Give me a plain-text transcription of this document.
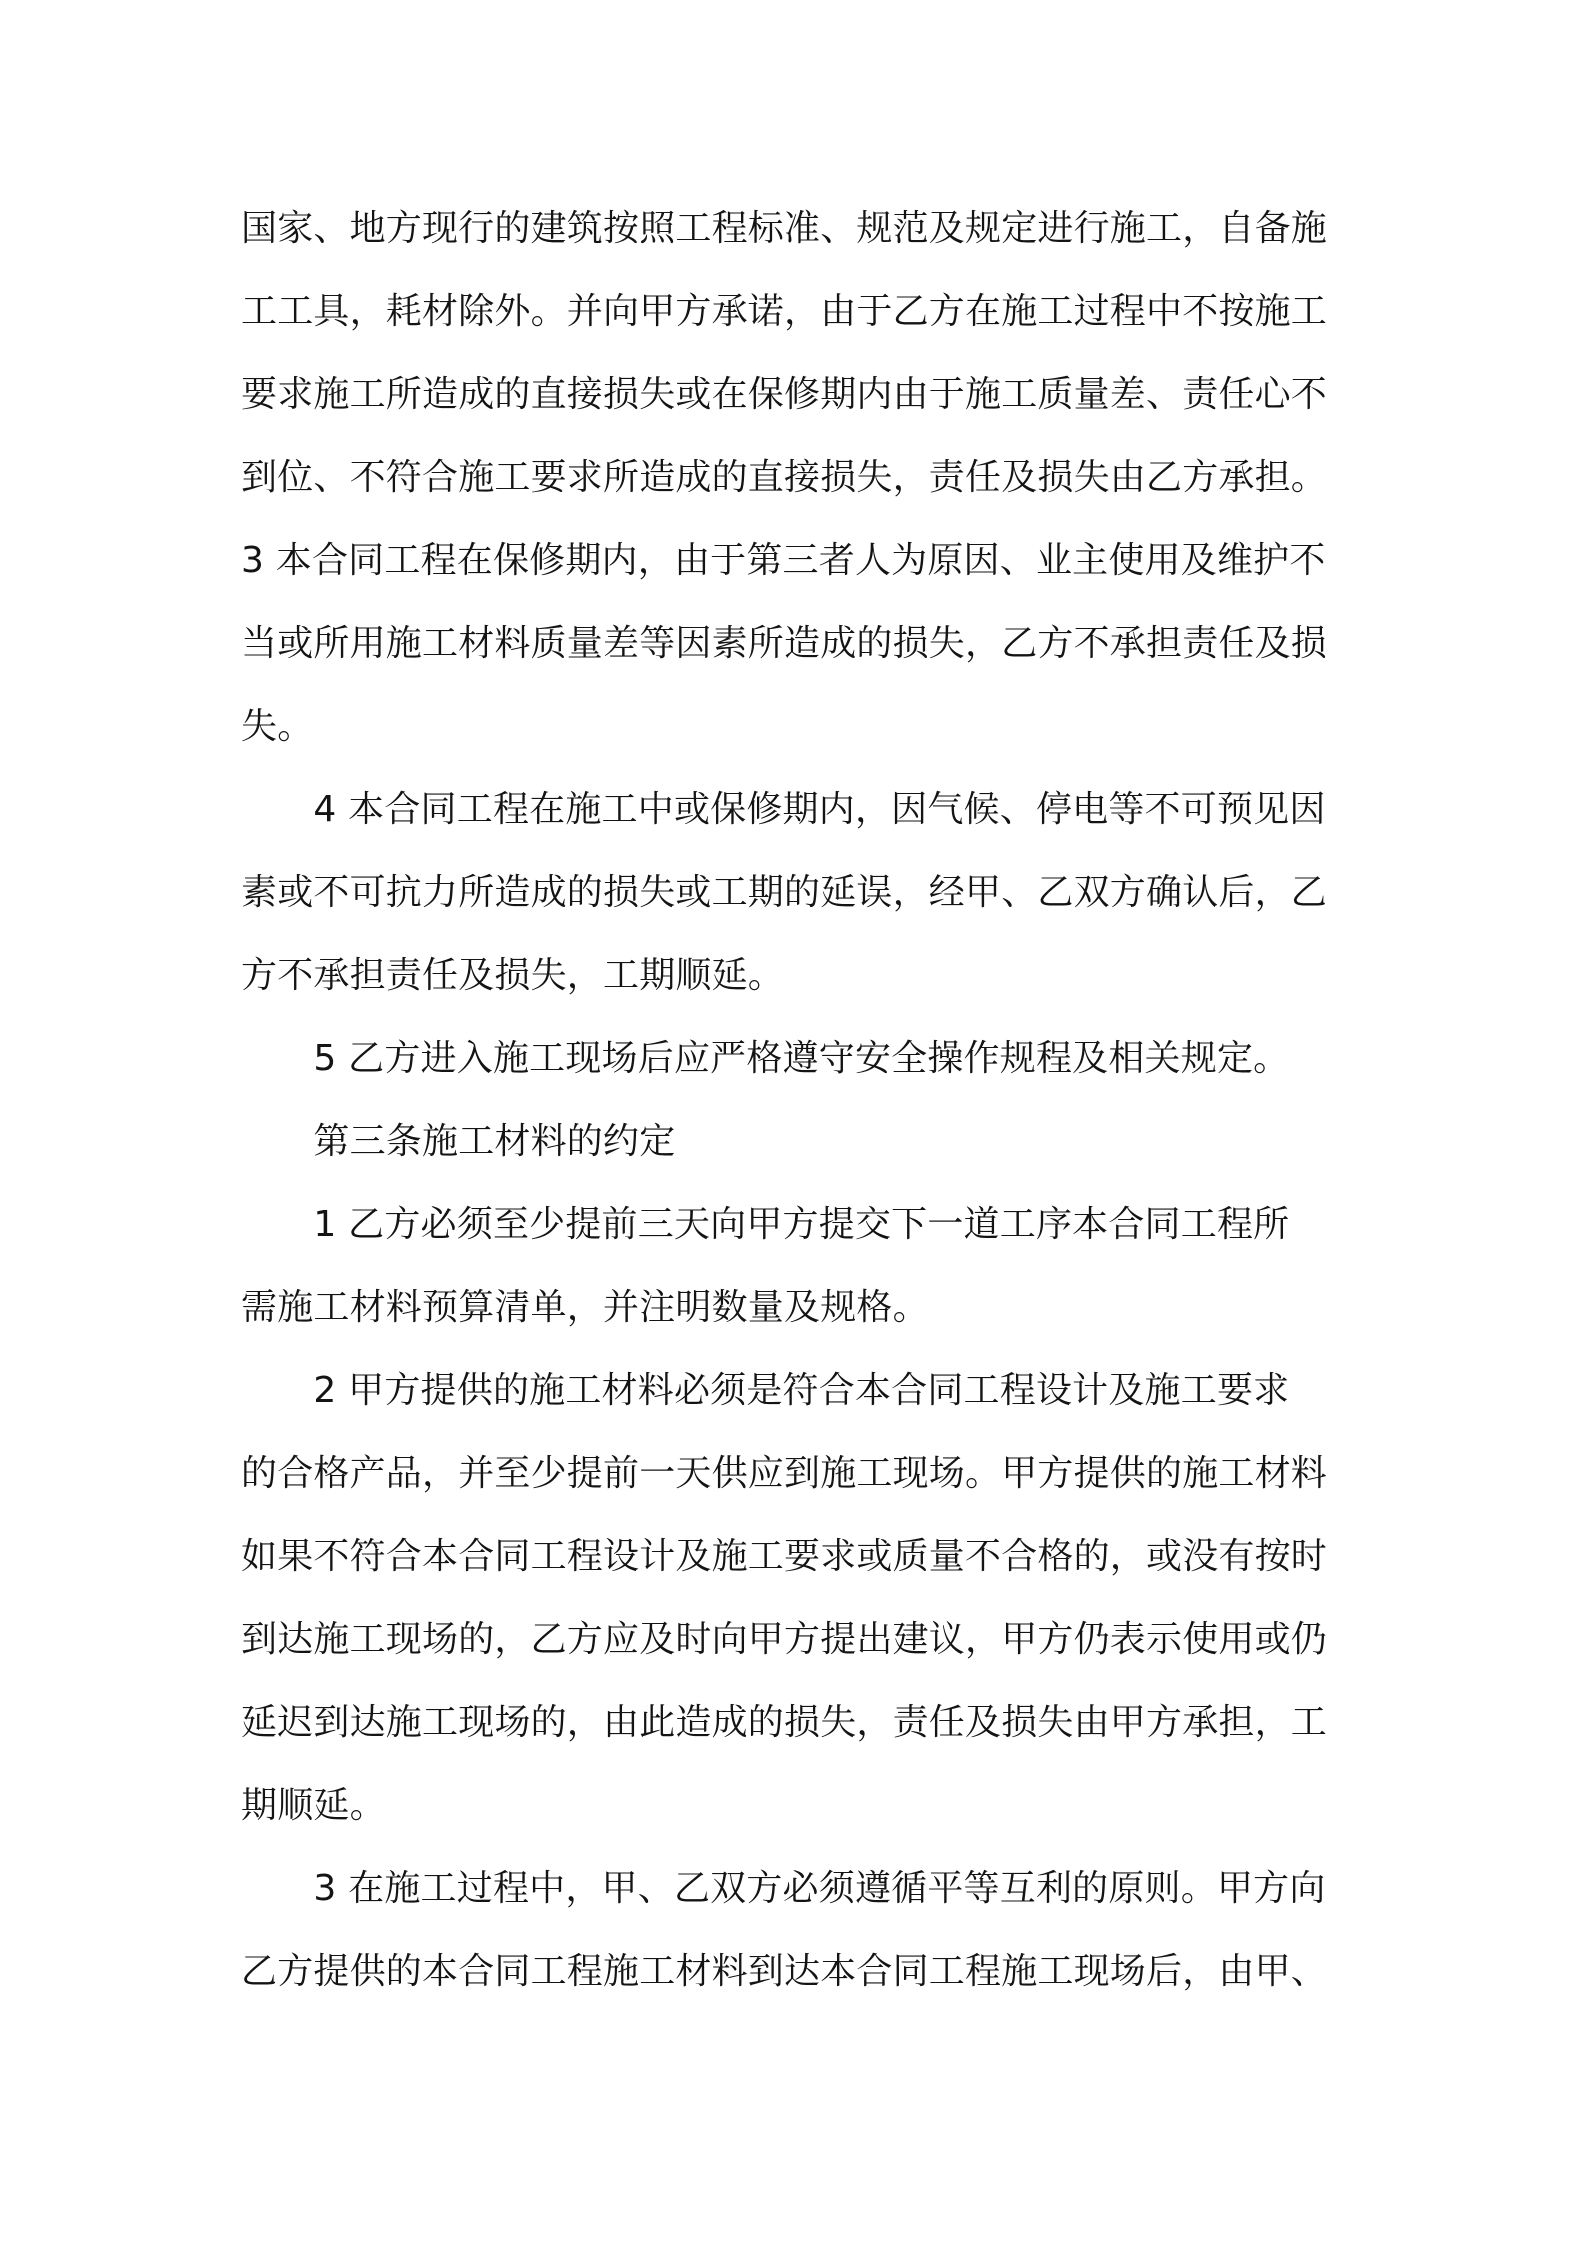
国家、地方现行的建筑按照工程标准、规范及规定进行施工，自备施
工工具，耗材除外。并向甲方承诺，由于乙方在施工过程中不按施工
要求施工所造成的直接损失或在保修期内由于施工质量差、责任心不
到位、不符合施工要求所造成的直接损失，责任及损失由乙方承担。
3 本合同工程在保修期内，由于第三者人为原因、业主使用及维护不
当或所用施工材料质量差等因素所造成的损失，乙方不承担责任及损
失。
　　4 本合同工程在施工中或保修期内，因气候、停电等不可预见因
素或不可抗力所造成的损失或工期的延误，经甲、乙双方确认后，乙
方不承担责任及损失，工期顺延。
　　5 乙方进入施工现场后应严格遵守安全操作规程及相关规定。
　　第三条施工材料的约定
　　1 乙方必须至少提前三天向甲方提交下一道工序本合同工程所
需施工材料预算清单，并注明数量及规格。
　　2 甲方提供的施工材料必须是符合本合同工程设计及施工要求
的合格产品，并至少提前一天供应到施工现场。甲方提供的施工材料
如果不符合本合同工程设计及施工要求或质量不合格的，或没有按时
到达施工现场的，乙方应及时向甲方提出建议，甲方仍表示使用或仍
延迟到达施工现场的，由此造成的损失，责任及损失由甲方承担，工
期顺延。
　　3 在施工过程中，甲、乙双方必须遵循平等互利的原则。甲方向
乙方提供的本合同工程施工材料到达本合同工程施工现场后，由甲、
